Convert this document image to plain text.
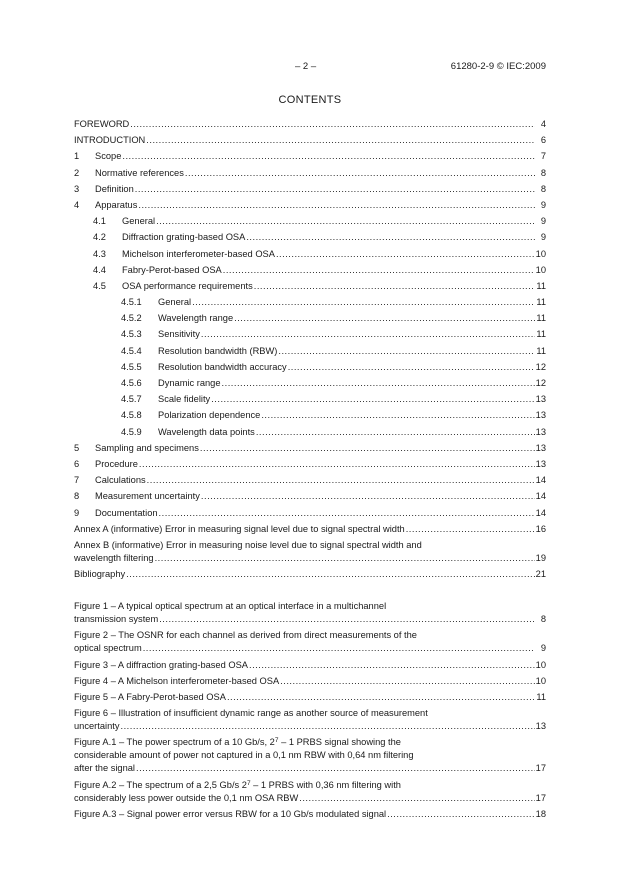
– 2 –	61280-2-9 © IEC:2009
CONTENTS
FOREWORD .....	4
INTRODUCTION .....	6
1	Scope .....	7
2	Normative references .....	8
3	Definition .....	8
4	Apparatus .....	9
4.1	General .....	9
4.2	Diffraction grating-based OSA .....	9
4.3	Michelson interferometer-based OSA .....	10
4.4	Fabry-Perot-based OSA .....	10
4.5	OSA performance requirements .....	11
4.5.1	General .....	11
4.5.2	Wavelength range .....	11
4.5.3	Sensitivity .....	11
4.5.4	Resolution bandwidth (RBW) .....	11
4.5.5	Resolution bandwidth accuracy .....	12
4.5.6	Dynamic range .....	12
4.5.7	Scale fidelity .....	13
4.5.8	Polarization dependence .....	13
4.5.9	Wavelength data points .....	13
5	Sampling and specimens .....	13
6	Procedure .....	13
7	Calculations .....	14
8	Measurement uncertainty .....	14
9	Documentation .....	14
Annex A (informative) Error in measuring signal level due to signal spectral width .....	16
Annex B (informative) Error in measuring noise level due to signal spectral width and
wavelength filtering .....	19
Bibliography .....	21
Figure 1 – A typical optical spectrum at an optical interface in a multichannel
transmission system .....	8
Figure 2 – The OSNR for each channel as derived from direct measurements of the
optical spectrum .....	9
Figure 3 – A diffraction grating-based OSA .....	10
Figure 4 – A Michelson interferometer-based OSA .....	10
Figure 5 – A Fabry-Perot-based OSA .....	11
Figure 6 – Illustration of insufficient dynamic range as another source of measurement
uncertainty .....	13
Figure A.1 – The power spectrum of a 10 Gb/s, $2^7 - 1$ PRBS signal showing the
considerable amount of power not captured in a 0,1 nm RBW with 0,64 nm filtering
after the signal .....	17
Figure A.2 – The spectrum of a 2,5 Gb/s $2^7 - 1$ PRBS with 0,36 nm filtering with
considerably less power outside the 0,1 nm OSA RBW .....	17
Figure A.3 – Signal power error versus RBW for a 10 Gb/s modulated signal .....	18
